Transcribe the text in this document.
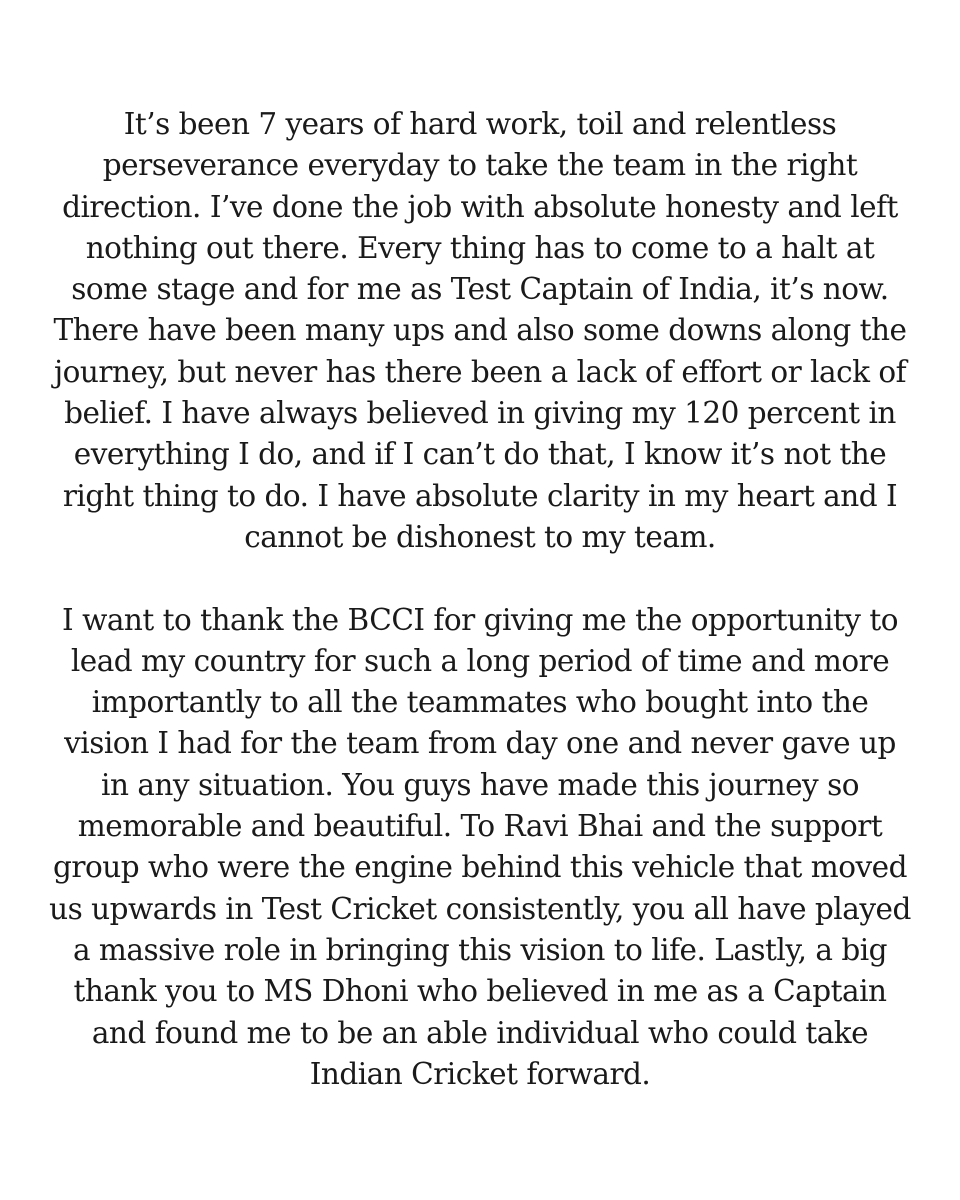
It’s been 7 years of hard work, toil and relentless perseverance everyday to take the team in the right direction. I’ve done the job with absolute honesty and left nothing out there. Every thing has to come to a halt at some stage and for me as Test Captain of India, it’s now. There have been many ups and also some downs along the journey, but never has there been a lack of effort or lack of belief. I have always believed in giving my 120 percent in everything I do, and if I can’t do that, I know it’s not the right thing to do. I have absolute clarity in my heart and I cannot be dishonest to my team.

I want to thank the BCCI for giving me the opportunity to lead my country for such a long period of time and more importantly to all the teammates who bought into the vision I had for the team from day one and never gave up in any situation. You guys have made this journey so memorable and beautiful. To Ravi Bhai and the support group who were the engine behind this vehicle that moved us upwards in Test Cricket consistently, you all have played a massive role in bringing this vision to life. Lastly, a big thank you to MS Dhoni who believed in me as a Captain and found me to be an able individual who could take Indian Cricket forward.
